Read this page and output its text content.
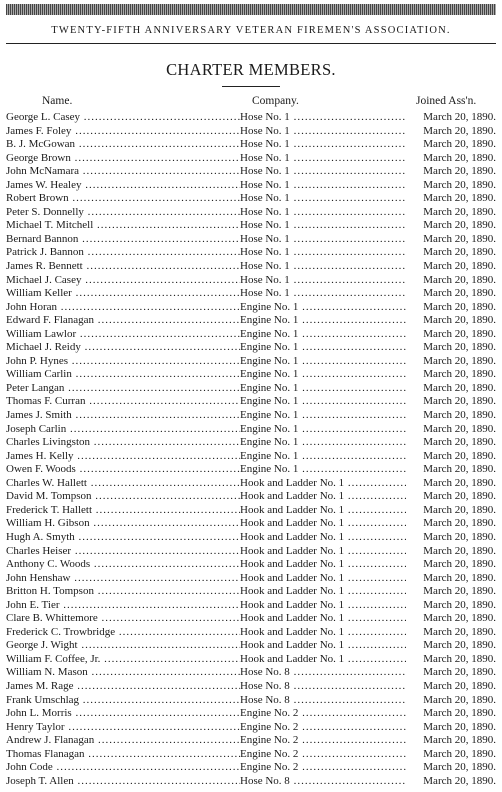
TWENTY-FIFTH ANNIVERSARY VETERAN FIREMEN'S ASSOCIATION.
CHARTER MEMBERS.
Name.	Company.	Joined Ass'n.
George L. Casey .....	Hose No. 1 .....	March 20, 1890.
James F. Foley .....	Hose No. 1 .....	March 20, 1890.
B. J. McGowan .....	Hose No. 1 .....	March 20, 1890.
George Brown .....	Hose No. 1 .....	March 20, 1890.
John McNamara .....	Hose No. 1 .....	March 20, 1890.
James W. Healey .....	Hose No. 1 .....	March 20, 1890.
Robert Brown .....	Hose No. 1 .....	March 20, 1890.
Peter S. Donnelly .....	Hose No. 1 .....	March 20, 1890.
Michael T. Mitchell .....	Hose No. 1 .....	March 20, 1890.
Bernard Bannon .....	Hose No. 1 .....	March 20, 1890.
Patrick J. Bannon .....	Hose No. 1 .....	March 20, 1890.
James R. Bennett .....	Hose No. 1 .....	March 20, 1890.
Michael J. Casey .....	Hose No. 1 .....	March 20, 1890.
William Keller .....	Hose No. 1 .....	March 20, 1890.
John Horan .....	Engine No. 1 .....	March 20, 1890.
Edward F. Flanagan .....	Engine No. 1 .....	March 20, 1890.
William Lawlor .....	Engine No. 1 .....	March 20, 1890.
Michael J. Reidy .....	Engine No. 1 .....	March 20, 1890.
John P. Hynes .....	Engine No. 1 .....	March 20, 1890.
William Carlin .....	Engine No. 1 .....	March 20, 1890.
Peter Langan .....	Engine No. 1 .....	March 20, 1890.
Thomas F. Curran .....	Engine No. 1 .....	March 20, 1890.
James J. Smith .....	Engine No. 1 .....	March 20, 1890.
Joseph Carlin .....	Engine No. 1 .....	March 20, 1890.
Charles Livingston .....	Engine No. 1 .....	March 20, 1890.
James H. Kelly .....	Engine No. 1 .....	March 20, 1890.
Owen F. Woods .....	Engine No. 1 .....	March 20, 1890.
Charles W. Hallett .....	Hook and Ladder No. 1 .....	March 20, 1890.
David M. Tompson .....	Hook and Ladder No. 1 .....	March 20, 1890.
Frederick T. Hallett .....	Hook and Ladder No. 1 .....	March 20, 1890.
William H. Gibson .....	Hook and Ladder No. 1 .....	March 20, 1890.
Hugh A. Smyth .....	Hook and Ladder No. 1 .....	March 20, 1890.
Charles Heiser .....	Hook and Ladder No. 1 .....	March 20, 1890.
Anthony C. Woods .....	Hook and Ladder No. 1 .....	March 20, 1890.
John Henshaw .....	Hook and Ladder No. 1 .....	March 20, 1890.
Britton H. Tompson .....	Hook and Ladder No. 1 .....	March 20, 1890.
John E. Tier .....	Hook and Ladder No. 1 .....	March 20, 1890.
Clare B. Whittemore .....	Hook and Ladder No. 1 .....	March 20, 1890.
Frederick C. Trowbridge .....	Hook and Ladder No. 1 .....	March 20, 1890.
George J. Wight .....	Hook and Ladder No. 1 .....	March 20, 1890.
William F. Coffee, Jr. .....	Hook and Ladder No. 1 .....	March 20, 1890.
William N. Mason .....	Hose No. 8 .....	March 20, 1890.
James M. Rage .....	Hose No. 8 .....	March 20, 1890.
Frank Umschlag .....	Hose No. 8 .....	March 20, 1890.
John L. Morris .....	Engine No. 2 .....	March 20, 1890.
Henry Taylor .....	Engine No. 2 .....	March 20, 1890.
Andrew J. Flanagan .....	Engine No. 2 .....	March 20, 1890.
Thomas Flanagan .....	Engine No. 2 .....	March 20, 1890.
John Code .....	Engine No. 2 .....	March 20, 1890.
Joseph T. Allen .....	Hose No. 8 .....	March 20, 1890.
